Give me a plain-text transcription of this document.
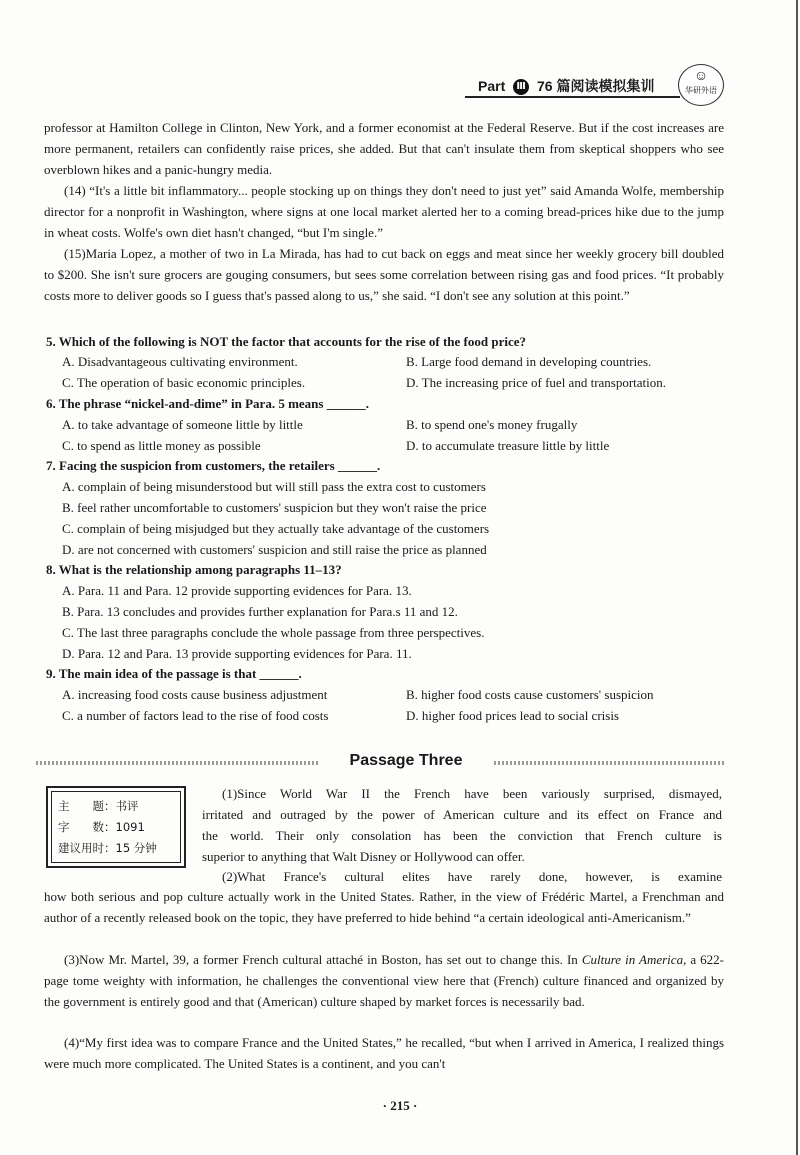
Part Ⅲ 76 篇阅读模拟集训
☺
华研外语

professor at Hamilton College in Clinton, New York, and a former economist at the Federal Reserve. But if the cost increases are more permanent, retailers can confidently raise prices, she added. But that can't insulate them from skeptical shoppers who see overblown hikes and a panic-hungry media.

(14) “It's a little bit inflammatory... people stocking up on things they don't need to just yet” said Amanda Wolfe, membership director for a nonprofit in Washington, where signs at one local market alerted her to a coming bread-prices hike due to the jump in wheat costs. Wolfe's own diet hasn't changed, “but I'm single.”

(15)Maria Lopez, a mother of two in La Mirada, has had to cut back on eggs and meat since her weekly grocery bill doubled to $200. She isn't sure grocers are gouging consumers, but sees some correlation between rising gas and food prices. “It probably costs more to deliver goods so I guess that's passed along to us,” she said. “I don't see any solution at this point.”

5. Which of the following is NOT the factor that accounts for the rise of the food price?
A. Disadvantageous cultivating environment.	B. Large food demand in developing countries.
C. The operation of basic economic principles.	D. The increasing price of fuel and transportation.
6. The phrase “nickel-and-dime” in Para. 5 means ______.
A. to take advantage of someone little by little	B. to spend one's money frugally
C. to spend as little money as possible	D. to accumulate treasure little by little
7. Facing the suspicion from customers, the retailers ______.
A. complain of being misunderstood but will still pass the extra cost to customers
B. feel rather uncomfortable to customers' suspicion but they won't raise the price
C. complain of being misjudged but they actually take advantage of the customers
D. are not concerned with customers' suspicion and still raise the price as planned
8. What is the relationship among paragraphs 11–13?
A. Para. 11 and Para. 12 provide supporting evidences for Para. 13.
B. Para. 13 concludes and provides further explanation for Para.s 11 and 12.
C. The last three paragraphs conclude the whole passage from three perspectives.
D. Para. 12 and Para. 13 provide supporting evidences for Para. 11.
9. The main idea of the passage is that ______.
A. increasing food costs cause business adjustment	B. higher food costs cause customers' suspicion
C. a number of factors lead to the rise of food costs	D. higher food prices lead to social crisis
Passage Three
主　　题：书评
字　　数：1091
建议用时：15 分钟
(1)Since World War II the French have been variously surprised, dismayed,
irritated and outraged by the power of American culture and its effect on France and
the world. Their only consolation has been the conviction that French culture is
superior to anything that Walt Disney or Hollywood can offer.
(2)What France's cultural elites have rarely done, however, is examine

how both serious and pop culture actually work in the United States. Rather, in the view of Frédéric Martel, a Frenchman and author of a recently released book on the topic, they have preferred to hide behind “a certain ideological anti-Americanism.”

(3)Now Mr. Martel, 39, a former French cultural attaché in Boston, has set out to change this. In Culture in America, a 622-page tome weighty with information, he challenges the conventional view here that (French) culture financed and organized by the government is entirely good and that (American) culture shaped by market forces is necessarily bad.

(4)“My first idea was to compare France and the United States,” he recalled, “but when I arrived in America, I realized things were much more complicated. The United States is a continent, and you can't

· 215 ·
